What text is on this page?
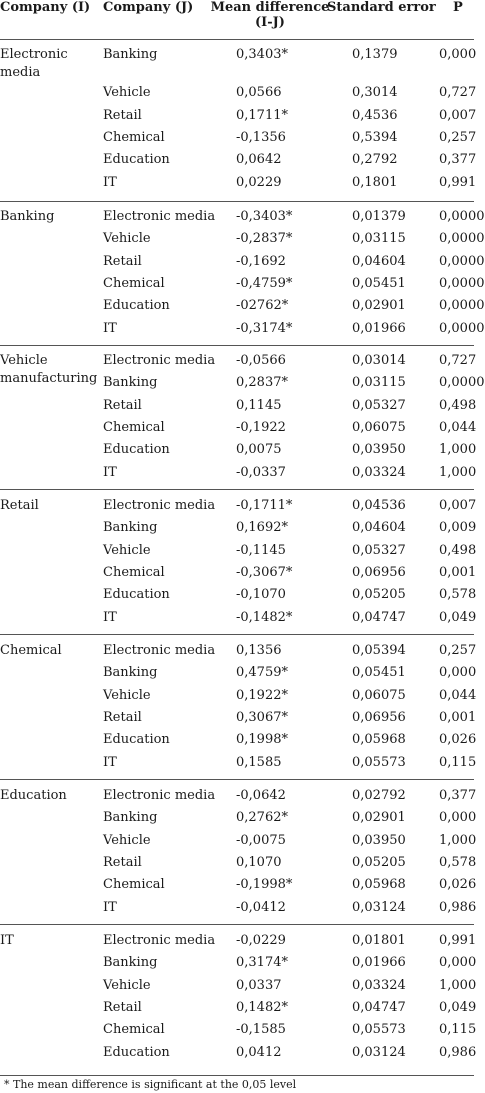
Company (I) Company (J)	Mean difference
(I-J)
Standard error P
Electronic media
Banking	0,3403*	0,1379	0,000
Vehicle	0,0566	0,3014	0,727
Retail	0,1711*	0,4536	0,007
Chemical	-0,1356	0,5394	0,257
Education	0,0642	0,2792	0,377
IT	0,0229	0,1801	0,991
Banking	Electronic media -0,3403*	0,01379	0,0000
Vehicle	-0,2837*	0,03115	0,0000
Retail	-0,1692	0,04604	0,0000
Chemical	-0,4759*	0,05451	0,0000
Education	-02762*	0,02901	0,0000
IT	-0,3174*	0,01966	0,0000
Vehicle manufacturing
Electronic media -0,0566	0,03014	0,727
Banking	0,2837*	0,03115	0,0000
Retail	0,1145	0,05327	0,498
Chemical	-0,1922	0,06075	0,044
Education	0,0075	0,03950	1,000
IT	-0,0337	0,03324	1,000
Retail	Electronic media -0,1711*	0,04536	0,007
Banking	0,1692*	0,04604	0,009
Vehicle	-0,1145	0,05327	0,498
Chemical	-0,3067*	0,06956	0,001
Education	-0,1070	0,05205	0,578
IT	-0,1482*	0,04747	0,049
Chemical	Electronic media 0,1356	0,05394	0,257
Banking	0,4759*	0,05451	0,000
Vehicle	0,1922*	0,06075	0,044
Retail	0,3067*	0,06956	0,001
Education	0,1998*	0,05968	0,026
IT	0,1585	0,05573	0,115
Education	Electronic media -0,0642	0,02792	0,377
Banking	0,2762*	0,02901	0,000
Vehicle	-0,0075	0,03950	1,000
Retail	0,1070	0,05205	0,578
Chemical	-0,1998*	0,05968	0,026
IT	-0,0412	0,03124	0,986
IT	Electronic media -0,0229	0,01801	0,991
Banking	0,3174*	0,01966	0,000
Vehicle	0,0337	0,03324	1,000
Retail	0,1482*	0,04747	0,049
Chemical	-0,1585	0,05573	0,115
Education	0,0412	0,03124	0,986
* The mean difference is significant at the 0,05 level
